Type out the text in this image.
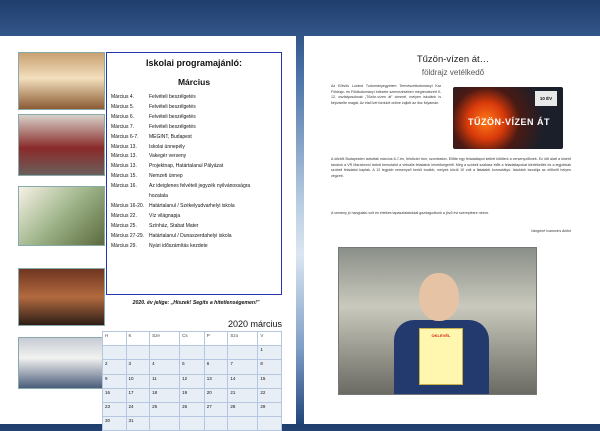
Iskolai programajánló:
Március
Március 4.	Felvételi beszélgetés
Március 5.	Felvételi beszélgetés
Március 6.	Felvételi beszélgetés
Március 7.	Felvételi beszélgetés
Március 6-7.	MEGINT, Budapest
Március 13.	Iskolai ünnepély
Március 13.	Vakegér verseny
Március 13.	Projektnap, Határtalanul Pályázat
Március 15.	Nemzeti ünnep
Március 16.	Az ideiglenes felvételi jegyzék nyilvánosságra
hozatala
Március 16-20. Határtalanul / Székelyudvarhelyi iskola
Március 22.	Víz világnapja
Március 25.	Színház, Stabat Mater
Március 27-29. Határtalanul / Dunaszerdahelyi iskola
Március 29.	Nyári időszámítás kezdete
2020. év jelige: „Hiszek! Segíts a hitetlenségemen!”
2020 március
H	K	Sze	Cs	P	Szo	V
						1
2	3	4	5	6	7	8
9	10	11	12	13	14	15
16	17	18	19	20	21	22
23	24	25	26	27	28	29
30	31					
Tűzön-vízen át…
földrajz vetélkedő
Az Eötvös Loránd Tudományegyetem Természettudományi Kar Földrajz- és Földtudományi Intézete szervezésében megrendezett 9-12. osztályosoknak „Tűzön-vízen át” címmel, melyen iskolánk is képviselte magát. Az első két fordulót online zajlott az ősz folyamán.
10 ÉV
TŰZÖN-VÍZEN ÁT
A döntőt Budapesten tartották március 6-7-én, felsővári trón, szombaton. Előtte egy feladatlapot kellett kitölteni a versenyzőknek. Ez idő alatt a kísérő tanárok a VR Maratonról tartott bemutatót a virtuális feladatok lehetőségeiről. Még a szóbeli szakasz előtt a feladatlapokat kiértékelték és a legjobbak szóbeli feladatot kaptak. A 12 legjobb versenyző került tovább, melyek közül 10 volt a fiatalabb korosztályú. Iskolánk tanulója az előkelő helyen végzett.
A verseny jó hangulatú volt és értékes tapasztalatokkal gazdagodtunk a jövő évi szereplésre nézve.
Vangóné Ivanovics Anikó
OKLEVÉL
